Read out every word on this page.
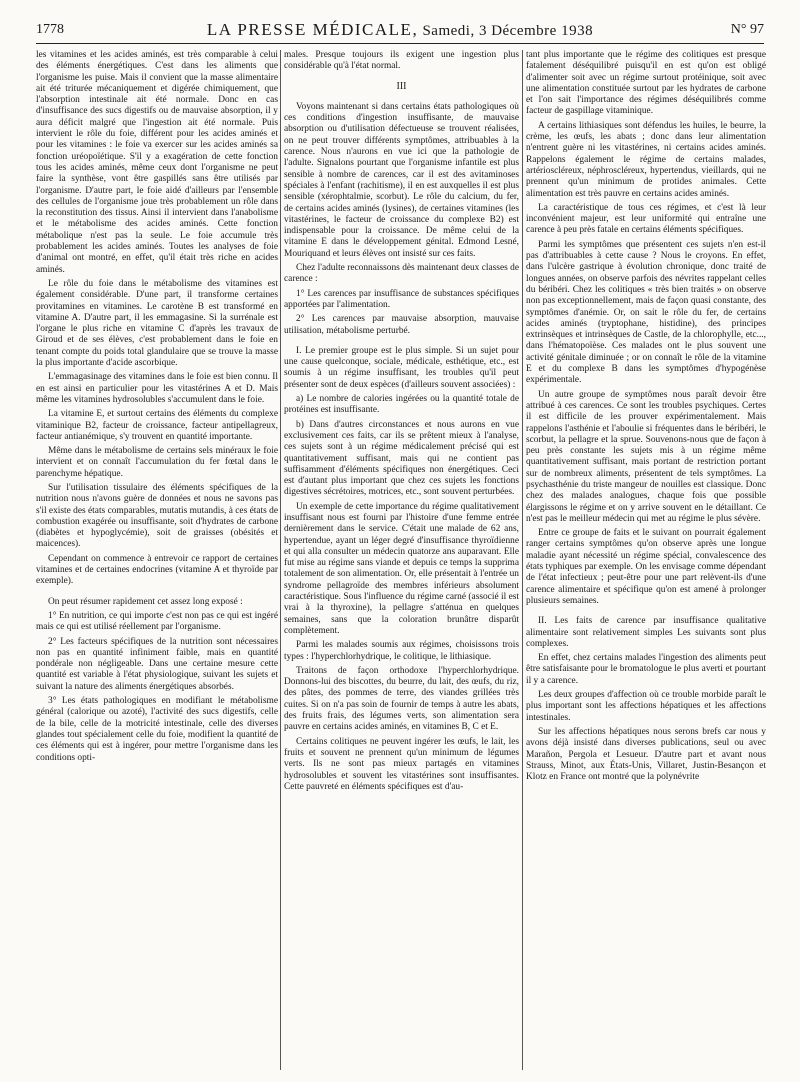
1778	LA PRESSE MÉDICALE, Samedi, 3 Décembre 1938	N° 97

les vitamines et les acides aminés, est très comparable à celui des éléments énergétiques. C'est dans les aliments que l'organisme les puise. Mais il convient que la masse alimentaire ait été triturée mécaniquement et digérée chimiquement, que l'absorption intestinale ait été normale. Donc en cas d'insuffisance des sucs digestifs ou de mauvaise absorption, il y aura déficit malgré que l'ingestion ait été normale. Puis intervient le rôle du foie, différent pour les acides aminés et pour les vitamines : le foie va exercer sur les acides aminés sa fonction uréopoïétique. S'il y a exagération de cette fonction tous les acides aminés, même ceux dont l'organisme ne peut faire la synthèse, vont être gaspillés sans être utilisés par l'organisme. D'autre part, le foie aidé d'ailleurs par l'ensemble des cellules de l'organisme joue très probablement un rôle dans la reconstitution des tissus. Ainsi il intervient dans l'anabolisme et le métabolisme des acides aminés. Cette fonction métabolique n'est pas la seule. Le foie accumule très probablement les acides aminés. Toutes les analyses de foie d'animal ont montré, en effet, qu'il était très riche en acides aminés.

Le rôle du foie dans le métabolisme des vitamines est également considérable. D'une part, il transforme certaines provitamines en vitamines. Le carotène B est transformé en vitamine A. D'autre part, il les emmagasine. Si la surrénale est l'organe le plus riche en vitamine C d'après les travaux de Giroud et de ses élèves, c'est probablement dans le foie en tenant compte du poids total glandulaire que se trouve la masse la plus importante d'acide ascorbique.

L'emmagasinage des vitamines dans le foie est bien connu. Il en est ainsi en particulier pour les vitastérines A et D. Mais même les vitamines hydrosolubles s'accumulent dans le foie.

La vitamine E, et surtout certains des éléments du complexe vitaminique B2, facteur de croissance, facteur antipellagreux, facteur antianémique, s'y trouvent en quantité importante.

Même dans le métabolisme de certains sels minéraux le foie intervient et on connaît l'accumulation du fer fœtal dans le parenchyme hépatique.

Sur l'utilisation tissulaire des éléments spécifiques de la nutrition nous n'avons guère de données et nous ne savons pas s'il existe des états comparables, mutatis mutandis, à ces états de combustion exagérée ou insuffisante, soit d'hydrates de carbone (diabètes et hypoglycémie), soit de graisses (obésités et maicences).

Cependant on commence à entrevoir ce rapport de certaines vitamines et de certaines endocrines (vitamine A et thyroïde par exemple).

On peut résumer rapidement cet assez long exposé :

1° En nutrition, ce qui importe c'est non pas ce qui est ingéré mais ce qui est utilisé réellement par l'organisme.

2° Les facteurs spécifiques de la nutrition sont nécessaires non pas en quantité infiniment faible, mais en quantité pondérale non négligeable. Dans une certaine mesure cette quantité est variable à l'état physiologique, suivant les sujets et suivant la nature des aliments énergétiques absorbés.

3° Les états pathologiques en modifiant le métabolisme général (calorique ou azoté), l'activité des sucs digestifs, celle de la bile, celle de la motricité intestinale, celle des diverses glandes tout spécialement celle du foie, modifient la quantité de ces éléments qui est à ingérer, pour mettre l'organisme dans les conditions opti-

males. Presque toujours ils exigent une ingestion plus considérable qu'à l'état normal.

III

Voyons maintenant si dans certains états pathologiques où ces conditions d'ingestion insuffisante, de mauvaise absorption ou d'utilisation défectueuse se trouvent réalisées, on ne peut trouver différents symptômes, attribuables à la carence. Nous n'aurons en vue ici que la pathologie de l'adulte. Signalons pourtant que l'organisme infantile est plus sensible à nombre de carences, car il est des avitaminoses spéciales à l'enfant (rachitisme), il en est auxquelles il est plus sensible (xérophtalmie, scorbut). Le rôle du calcium, du fer, de certains acides aminés (lysines), de certaines vitamines (les vitastérines, le facteur de croissance du complexe B2) est indispensable pour la croissance. De même celui de la vitamine E dans le développement génital. Edmond Lesné, Mouriquand et leurs élèves ont insisté sur ces faits.

Chez l'adulte reconnaissons dès maintenant deux classes de carence :

1° Les carences par insuffisance de substances spécifiques apportées par l'alimentation.

2° Les carences par mauvaise absorption, mauvaise utilisation, métabolisme perturbé.

I. Le premier groupe est le plus simple. Si un sujet pour une cause quelconque, sociale, médicale, esthétique, etc., est soumis à un régime insuffisant, les troubles qu'il peut présenter sont de deux espèces (d'ailleurs souvent associées) :

a) Le nombre de calories ingérées ou la quantité totale de protéines est insuffisante.

b) Dans d'autres circonstances et nous aurons en vue exclusivement ces faits, car ils se prêtent mieux à l'analyse, ces sujets sont à un régime médicalement précisé qui est quantitativement suffisant, mais qui ne contient pas suffisamment d'éléments spécifiques non énergétiques. Ceci est d'autant plus important que chez ces sujets les fonctions digestives sécrétoires, motrices, etc., sont souvent perturbées.

Un exemple de cette importance du régime qualitativement insuffisant nous est fourni par l'histoire d'une femme entrée dernièrement dans le service. C'était une malade de 62 ans, hypertendue, ayant un léger degré d'insuffisance thyroïdienne et qui alla consulter un médecin quatorze ans auparavant. Elle fut mise au régime sans viande et depuis ce temps la supprima totalement de son alimentation. Or, elle présentait à l'entrée un syndrome pellagroïde des membres inférieurs absolument caractéristique. Sous l'influence du régime carné (associé il est vrai à la thyroxine), la pellagre s'atténua en quelques semaines, sans que la coloration brunâtre disparût complètement.

Parmi les malades soumis aux régimes, choisissons trois types : l'hyperchlorhydrique, le colitique, le lithiasique.

Traitons de façon orthodoxe l'hyperchlorhydrique. Donnons-lui des biscottes, du beurre, du lait, des œufs, du riz, des pâtes, des pommes de terre, des viandes grillées très cuites. Si on n'a pas soin de fournir de temps à autre les abats, des fruits frais, des légumes verts, son alimentation sera pauvre en certains acides aminés, en vitamines B, C et E.

Certains colitiques ne peuvent ingérer les œufs, le lait, les fruits et souvent ne prennent qu'un minimum de légumes verts. Ils ne sont pas mieux partagés en vitamines hydrosolubles et souvent les vitastérines sont insuffisantes. Cette pauvreté en éléments spécifiques est d'au-

tant plus importante que le régime des colitiques est presque fatalement déséquilibré puisqu'il en est qu'on est obligé d'alimenter soit avec un régime surtout protéinique, soit avec une alimentation constituée surtout par les hydrates de carbone et l'on sait l'importance des régimes déséquilibrés comme facteur de gaspillage vitaminique.

A certains lithiasiques sont défendus les huiles, le beurre, la crème, les œufs, les abats ; donc dans leur alimentation n'entrent guère ni les vitastérines, ni certains acides aminés. Rappelons également le régime de certains malades, artérioscléreux, néphroscléreux, hypertendus, vieillards, qui ne prennent qu'un minimum de protides animales. Cette alimentation est très pauvre en certains acides aminés.

La caractéristique de tous ces régimes, et c'est là leur inconvénient majeur, est leur uniformité qui entraîne une carence à peu près fatale en certains éléments spécifiques.

Parmi les symptômes que présentent ces sujets n'en est-il pas d'attribuables à cette cause ? Nous le croyons. En effet, dans l'ulcère gastrique à évolution chronique, donc traité de longues années, on observe parfois des névrites rappelant celles du béribéri. Chez les colitiques « très bien traités » on observe non pas exceptionnellement, mais de façon quasi constante, des symptômes d'anémie. Or, on sait le rôle du fer, de certains acides aminés (tryptophane, histidine), des principes extrinsèques et intrinsèques de Castle, de la chlorophylle, etc..., dans l'hématopoïèse. Ces malades ont le plus souvent une activité génitale diminuée ; or on connaît le rôle de la vitamine E et du complexe B dans les symptômes d'hypogénèse expérimentale.

Un autre groupe de symptômes nous paraît devoir être attribué à ces carences. Ce sont les troubles psychiques. Certes il est difficile de les prouver expérimentalement. Mais rappelons l'asthénie et l'aboulie si fréquentes dans le béribéri, le scorbut, la pellagre et la sprue. Souvenons-nous que de façon à peu près constante les sujets mis à un régime même quantitativement suffisant, mais portant de restriction portant sur de nombreux aliments, présentent de tels symptômes. La psychasthénie du triste mangeur de nouilles est classique. Donc chez des malades analogues, chaque fois que possible élargissons le régime et on y arrive souvent en le détaillant. Ce n'est pas le meilleur médecin qui met au régime le plus sévère.

Entre ce groupe de faits et le suivant on pourrait également ranger certains symptômes qu'on observe après une longue maladie ayant nécessité un régime spécial, convalescence des états typhiques par exemple. On les envisage comme dépendant de l'état infectieux ; peut-être pour une part relèvent-ils d'une carence alimentaire et spécifique qu'on est amené à prolonger plusieurs semaines.

II. Les faits de carence par insuffisance qualitative alimentaire sont relativement simples Les suivants sont plus complexes.

En effet, chez certains malades l'ingestion des aliments peut être satisfaisante pour le bromatologue le plus averti et pourtant il y a carence.

Les deux groupes d'affection où ce trouble morbide paraît le plus important sont les affections hépatiques et les affections intestinales.

Sur les affections hépatiques nous serons brefs car nous y avons déjà insisté dans diverses publications, seul ou avec Marañon, Pergola et Lesueur. D'autre part et avant nous Strauss, Minot, aux États-Unis, Villaret, Justin-Besançon et Klotz en France ont montré que la polynévrite
